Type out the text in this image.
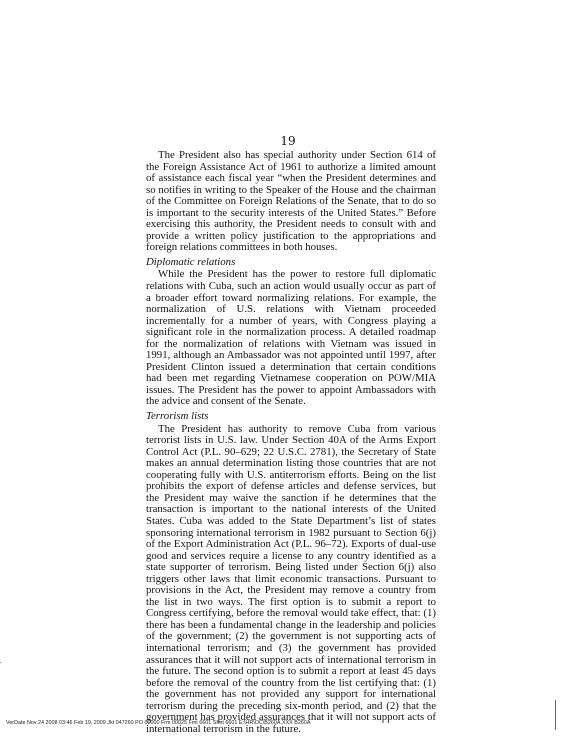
19

The President also has special authority under Section 614 of the Foreign Assistance Act of 1961 to authorize a limited amount of assistance each fiscal year “when the President determines and so notifies in writing to the Speaker of the House and the chairman of the Committee on Foreign Relations of the Senate, that to do so is important to the security interests of the United States.” Before exercising this authority, the President needs to consult with and provide a written policy justification to the appropriations and foreign relations committees in both houses.

Diplomatic relations

While the President has the power to restore full diplomatic relations with Cuba, such an action would usually occur as part of a broader effort toward normalizing relations. For example, the normalization of U.S. relations with Vietnam proceeded incrementally for a number of years, with Congress playing a significant role in the normalization process. A detailed roadmap for the normalization of relations with Vietnam was issued in 1991, although an Ambassador was not appointed until 1997, after President Clinton issued a determination that certain conditions had been met regarding Vietnamese cooperation on POW/MIA issues. The President has the power to appoint Ambassadors with the advice and consent of the Senate.

Terrorism lists

The President has authority to remove Cuba from various terrorist lists in U.S. law. Under Section 40A of the Arms Export Control Act (P.L. 90–629; 22 U.S.C. 2781), the Secretary of State makes an annual determination listing those countries that are not cooperating fully with U.S. antiterrorism efforts. Being on the list prohibits the export of defense articles and defense services, but the President may waive the sanction if he determines that the transaction is important to the national interests of the United States. Cuba was added to the State Department’s list of states sponsoring international terrorism in 1982 pursuant to Section 6(j) of the Export Administration Act (P.L. 96–72). Exports of dual-use good and services require a license to any country identified as a state supporter of terrorism. Being listed under Section 6(j) also triggers other laws that limit economic transactions. Pursuant to provisions in the Act, the President may remove a country from the list in two ways. The first option is to submit a report to Congress certifying, before the removal would take effect, that: (1) there has been a fundamental change in the leadership and policies of the government; (2) the government is not supporting acts of international terrorism; and (3) the government has provided assurances that it will not support acts of international terrorism in the future. The second option is to submit a report at least 45 days before the removal of the country from the list certifying that: (1) the government has not provided any support for international terrorism during the preceding six-month period, and (2) that the government has provided assurances that it will not support acts of international terrorism in the future.

VerDate Nov 24 2008 03:46 Feb 19, 2009 Jkt 047260 PO 00000 Frm 00025 Fmt 6601 Sfmt 6601 E:\HR\OC\B260A.XXX B260A
